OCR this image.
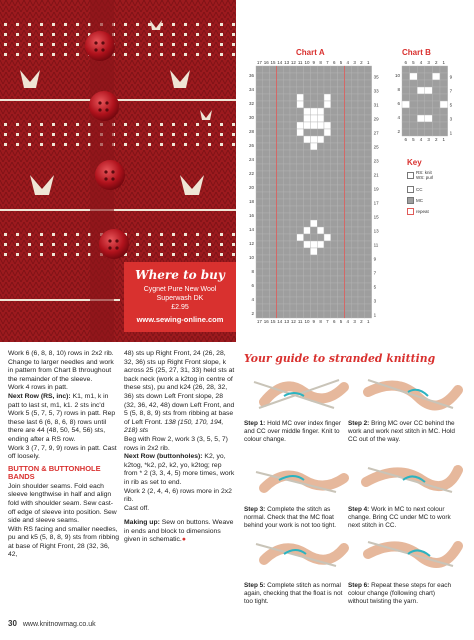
Where to buy
Cygnet Pure New Wool
Superwash DK
£2.95
www.sewing-online.com
Chart A	Chart B
17
17
16
16
15
15
14
14
13
13
12
12
11
11
10
10
9
9
8
8
7
7
6
6
5
5
4
4
3
3
2
2
1
1
36
34
32
30
28
26
24
22
20
18
16
14
12
10
8
6
4
2
35
33
31
29
27
25
23
21
19
17
15
13
11
9
7
5
3
1
6
6
5
5
4
4
3
3
2
2
1
1
10
8
6
4
2
9
7
5
3
1
Key
RS: knit
WS: purl
CC
MC
repeat
Work 6 (6, 8, 8, 10) rows in 2x2 rib.
Change to larger needles and work in pattern from Chart B throughout the remainder of the sleeve.
Work 4 rows in patt.
Next Row (RS, inc): K1, m1, k in patt to last st, m1, k1. 2 sts inc'd
Work 5 (5, 7, 5, 7) rows in patt. Rep these last 6 (6, 8, 6, 8) rows until there are 44 (48, 50, 54, 56) sts, ending after a RS row.
Work 3 (7, 7, 9, 9) rows in patt. Cast off loosely.
BUTTON & BUTTONHOLE BANDS
Join shoulder seams. Fold each sleeve lengthwise in half and align fold with shoulder seam. Sew cast-off edge of sleeve into position. Sew side and sleeve seams.
With RS facing and smaller needles, pu and k5 (5, 8, 8, 9) sts from ribbing at base of Right Front, 28 (32, 36, 42,
48) sts up Right Front, 24 (26, 28, 32, 36) sts up Right Front slope, k across 25 (25, 27, 31, 33) held sts at back neck (work a k2tog in centre of these sts), pu and k24 (26, 28, 32, 36) sts down Left Front slope, 28 (32, 36, 42, 48) down Left Front, and 5 (5, 8, 8, 9) sts from ribbing at base of Left Front. 138 (150, 170, 194, 218) sts
Beg with Row 2, work 3 (3, 5, 5, 7) rows in 2x2 rib.
Next Row (buttonholes): K2, yo, k2tog, *k2, p2, k2, yo, k2tog; rep from * 2 (3, 3, 4, 5) more times, work in rib as set to end.
Work 2 (2, 4, 4, 6) rows more in 2x2 rib.
Cast off.
Making up: Sew on buttons. Weave in ends and block to dimensions given in schematic.●
Your guide to stranded knitting
Step 1: Hold MC over index finger and CC over middle finger. Knit to colour change.
Step 2: Bring MC over CC behind the work and work next stitch in MC. Hold CC out of the way.
Step 3: Complete the stitch as normal. Check that the MC float behind your work is not too tight.
Step 4: Work in MC to next colour change. Bring CC under MC to work next stitch in CC.
Step 5: Complete stitch as normal again, checking that the float is not too tight.
Step 6: Repeat these steps for each colour change (following chart) without twisting the yarn.
30 www.knitnowmag.co.uk
